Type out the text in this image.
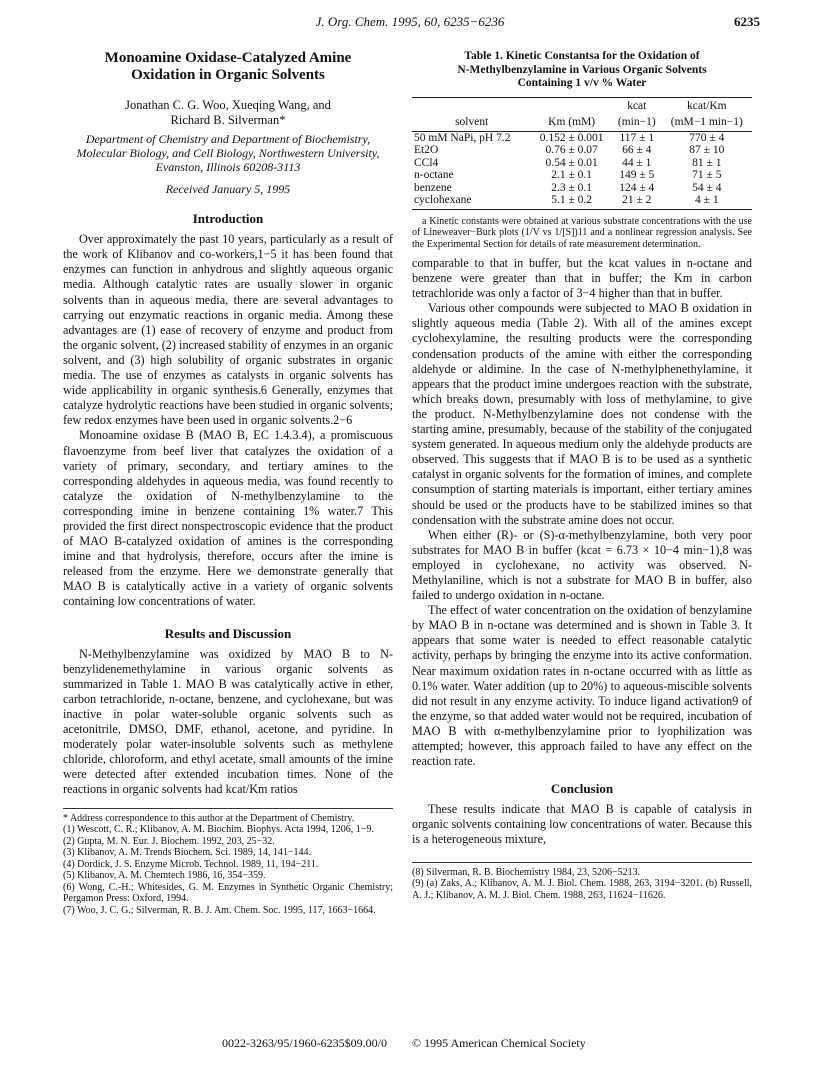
J. Org. Chem. 1995, 60, 6235−6236	6235
Monoamine Oxidase-Catalyzed Amine Oxidation in Organic Solvents
Jonathan C. G. Woo, Xueqing Wang, and
Richard B. Silverman*
Department of Chemistry and Department of Biochemistry, Molecular Biology, and Cell Biology, Northwestern University, Evanston, Illinois 60208-3113
Received January 5, 1995
Introduction

Over approximately the past 10 years, particularly as a result of the work of Klibanov and co-workers,1−5 it has been found that enzymes can function in anhydrous and slightly aqueous organic media. Although catalytic rates are usually slower in organic solvents than in aqueous media, there are several advantages to carrying out enzymatic reactions in organic media. Among these advantages are (1) ease of recovery of enzyme and product from the organic solvent, (2) increased stability of enzymes in an organic solvent, and (3) high solubility of organic substrates in organic media. The use of enzymes as catalysts in organic solvents has wide applicability in organic synthesis.6 Generally, enzymes that catalyze hydrolytic reactions have been studied in organic solvents; few redox enzymes have been used in organic solvents.2−6

Monoamine oxidase B (MAO B, EC 1.4.3.4), a promiscuous flavoenzyme from beef liver that catalyzes the oxidation of a variety of primary, secondary, and tertiary amines to the corresponding aldehydes in aqueous media, was found recently to catalyze the oxidation of N-methylbenzylamine to the corresponding imine in benzene containing 1% water.7 This provided the first direct nonspectroscopic evidence that the product of MAO B-catalyzed oxidation of amines is the corresponding imine and that hydrolysis, therefore, occurs after the imine is released from the enzyme. Here we demonstrate generally that MAO B is catalytically active in a variety of organic solvents containing low concentrations of water.

Results and Discussion

N-Methylbenzylamine was oxidized by MAO B to N-benzylidenemethylamine in various organic solvents as summarized in Table 1. MAO B was catalytically active in ether, carbon tetrachloride, n-octane, benzene, and cyclohexane, but was inactive in polar water-soluble organic solvents such as acetonitrile, DMSO, DMF, ethanol, acetone, and pyridine. In moderately polar water-insoluble solvents such as methylene chloride, chloroform, and ethyl acetate, small amounts of the imine were detected after extended incubation times. None of the reactions in organic solvents had kcat/Km ratios

* Address correspondence to this author at the Department of Chemistry.

(1) Wescott, C. R.; Klibanov, A. M. Biochim. Biophys. Acta 1994, 1206, 1−9.

(2) Gupta, M. N. Eur. J. Biochem. 1992, 203, 25−32.

(3) Klibanov, A. M. Trends Biochem. Sci. 1989, 14, 141−144.

(4) Dordick, J. S. Enzyme Microb. Technol. 1989, 11, 194−211.

(5) Klibanov, A. M. Chemtech 1986, 16, 354−359.

(6) Wong, C.-H.; Whitesides, G. M. Enzymes in Synthetic Organic Chemistry; Pergamon Press: Oxford, 1994.

(7) Woo, J. C. G.; Silverman, R. B. J. Am. Chem. Soc. 1995, 117, 1663−1664.

Table 1. Kinetic Constantsa for the Oxidation of
N-Methylbenzylamine in Various Organic Solvents
Containing 1 v/v % Water
		kcat	kcat/Km
solvent	Km (mM)	(min−1)	(mM−1 min−1)
50 mM NaPi, pH 7.2	0.152 ± 0.001	117 ± 1	770 ± 4
Et2O	0.76 ± 0.07	66 ± 4	87 ± 10
CCl4	0.54 ± 0.01	44 ± 1	81 ± 1
n-octane	2.1 ± 0.1	149 ± 5	71 ± 5
benzene	2.3 ± 0.1	124 ± 4	54 ± 4
cyclohexane	5.1 ± 0.2	21 ± 2	4 ± 1
a Kinetic constants were obtained at various substrate concentrations with the use of Lineweaver−Burk plots (1/V vs 1/[S])11 and a nonlinear regression analysis. See the Experimental Section for details of rate measurement determination.

comparable to that in buffer, but the kcat values in n-octane and benzene were greater than that in buffer; the Km in carbon tetrachloride was only a factor of 3−4 higher than that in buffer.

Various other compounds were subjected to MAO B oxidation in slightly aqueous media (Table 2). With all of the amines except cyclohexylamine, the resulting products were the corresponding condensation products of the amine with either the corresponding aldehyde or aldimine. In the case of N-methylphenethylamine, it appears that the product imine undergoes reaction with the substrate, which breaks down, presumably with loss of methylamine, to give the product. N-Methylbenzylamine does not condense with the starting amine, presumably, because of the stability of the conjugated system generated. In aqueous medium only the aldehyde products are observed. This suggests that if MAO B is to be used as a synthetic catalyst in organic solvents for the formation of imines, and complete consumption of starting materials is important, either tertiary amines should be used or the products have to be stabilized imines so that condensation with the substrate amine does not occur.

When either (R)- or (S)-α-methylbenzylamine, both very poor substrates for MAO B in buffer (kcat = 6.73 × 10−4 min−1),8 was employed in cyclohexane, no activity was observed. N-Methylaniline, which is not a substrate for MAO B in buffer, also failed to undergo oxidation in n-octane.

The effect of water concentration on the oxidation of benzylamine by MAO B in n-octane was determined and is shown in Table 3. It appears that some water is needed to effect reasonable catalytic activity, perhaps by bringing the enzyme into its active conformation. Near maximum oxidation rates in n-octane occurred with as little as 0.1% water. Water addition (up to 20%) to aqueous-miscible solvents did not result in any enzyme activity. To induce ligand activation9 of the enzyme, so that added water would not be required, incubation of MAO B with α-methylbenzylamine prior to lyophilization was attempted; however, this approach failed to have any effect on the reaction rate.

Conclusion

These results indicate that MAO B is capable of catalysis in organic solvents containing low concentrations of water. Because this is a heterogeneous mixture,

(8) Silverman, R. B. Biochemistry 1984, 23, 5206−5213.

(9) (a) Zaks, A.; Klibanov, A. M. J. Biol. Chem. 1988, 263, 3194−3201. (b) Russell, A. J.; Klibanov, A. M. J. Biol. Chem. 1988, 263, 11624−11626.

0022-3263/95/1960-6235$09.00/0 © 1995 American Chemical Society
